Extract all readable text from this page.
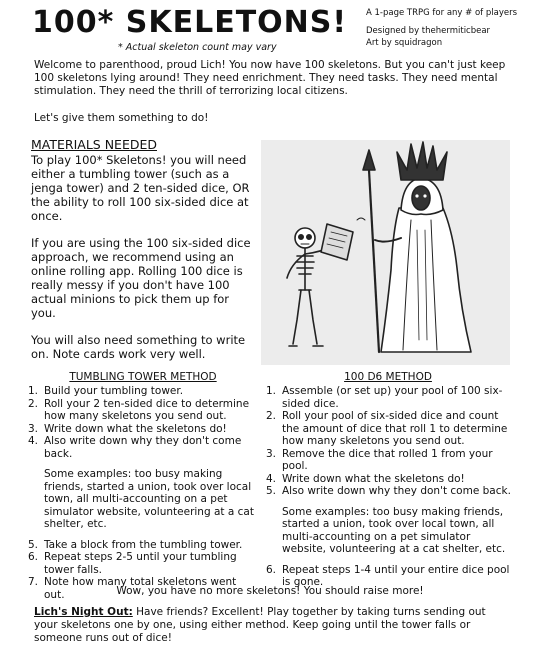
100* SKELETONS!
* Actual skeleton count may vary
A 1-page TRPG for any # of players
Designed by thehermiticbear
Art by squidragon
Welcome to parenthood, proud Lich! You now have 100 skeletons. But you can't just keep 100 skeletons lying around! They need enrichment. They need tasks. They need mental stimulation. They need the thrill of terrorizing local citizens.
Let's give them something to do!
MATERIALS NEEDED

To play 100* Skeletons! you will need either a tumbling tower (such as a jenga tower) and 2 ten-sided dice, OR the ability to roll 100 six-sided dice at once.

If you are using the 100 six-sided dice approach, we recommend using an online rolling app. Rolling 100 dice is really messy if you don't have 100 actual minions to pick them up for you.

You will also need something to write on. Note cards work very well.

TUMBLING TOWER METHOD	100 D6 METHOD
1. Build your tumbling tower.
2. Roll your 2 ten-sided dice to determine how many skeletons you send out.
3. Write down what the skeletons do!
4. Also write down why they don't come back.
Some examples: too busy making friends, started a union, took over local town, all multi-accounting on a pet simulator website, volunteering at a cat shelter, etc.
5. Take a block from the tumbling tower.
6. Repeat steps 2-5 until your tumbling tower falls.
7. Note how many total skeletons went out.
1. Assemble (or set up) your pool of 100 six-sided dice.
2. Roll your pool of six-sided dice and count the amount of dice that roll 1 to determine how many skeletons you send out.
3. Remove the dice that rolled 1 from your pool.
4. Write down what the skeletons do!
5. Also write down why they don't come back.
Some examples: too busy making friends, started a union, took over local town, all multi-accounting on a pet simulator website, volunteering at a cat shelter, etc.
6. Repeat steps 1-4 until your entire dice pool is gone.
Wow, you have no more skeletons! You should raise more!
Lich's Night Out: Have friends? Excellent! Play together by taking turns sending out your skeletons one by one, using either method. Keep going until the tower falls or someone runs out of dice!
